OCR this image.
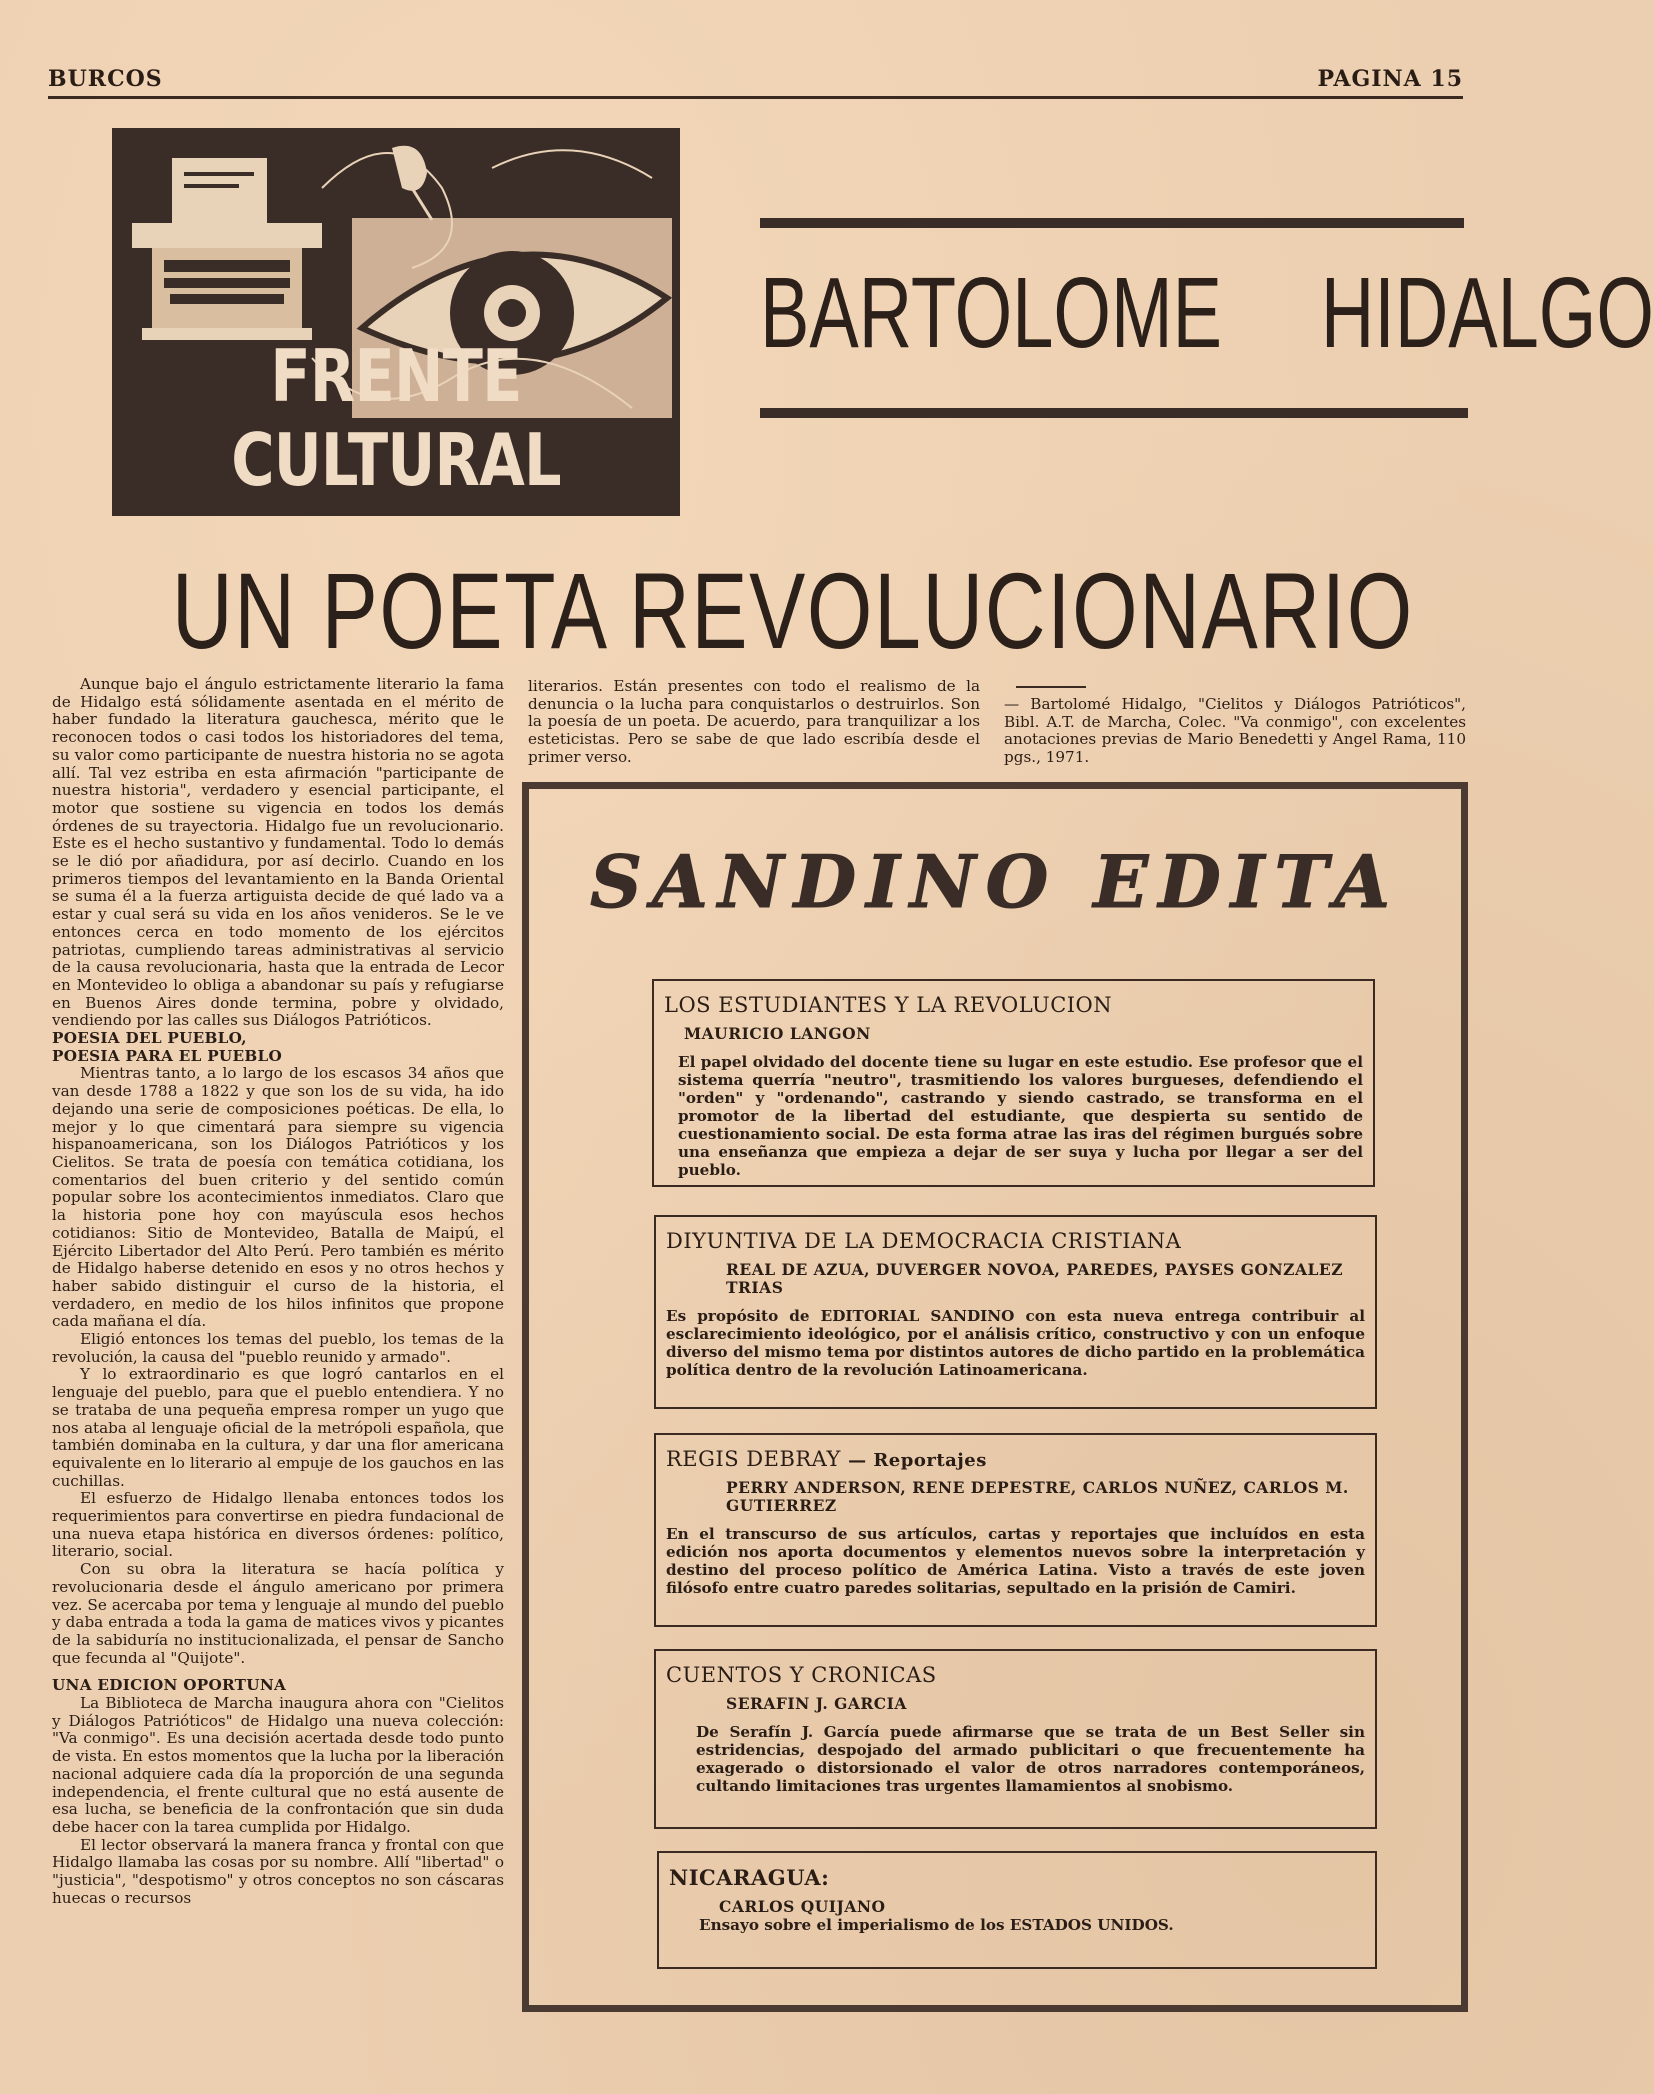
BURCOS	PAGINA 15
FRENTE CULTURAL
BARTOLOME HIDALGO
UN POETA REVOLUCIONARIO

Aunque bajo el ángulo estrictamente literario la fama de Hidalgo está sólidamente asentada en el mérito de haber fundado la literatura gauchesca, mérito que le reconocen todos o casi todos los historiadores del tema, su valor como participante de nuestra historia no se agota allí. Tal vez estriba en esta afirmación "participante de nuestra historia", verdadero y esencial participante, el motor que sostiene su vigencia en todos los demás órdenes de su trayectoria. Hidalgo fue un revolucionario. Este es el hecho sustantivo y fundamental. Todo lo demás se le dió por añadidura, por así decirlo. Cuando en los primeros tiempos del levantamiento en la Banda Oriental se suma él a la fuerza artiguista decide de qué lado va a estar y cual será su vida en los años venideros. Se le ve entonces cerca en todo momento de los ejércitos patriotas, cumpliendo tareas administrativas al servicio de la causa revolucionaria, hasta que la entrada de Lecor en Montevideo lo obliga a abandonar su país y refugiarse en Buenos Aires donde termina, pobre y olvidado, vendiendo por las calles sus Diálogos Patrióticos.

POESIA DEL PUEBLO,
POESIA PARA EL PUEBLO

Mientras tanto, a lo largo de los escasos 34 años que van desde 1788 a 1822 y que son los de su vida, ha ido dejando una serie de composiciones poéticas. De ella, lo mejor y lo que cimentará para siempre su vigencia hispanoamericana, son los Diálogos Patrióticos y los Cielitos. Se trata de poesía con temática cotidiana, los comentarios del buen criterio y del sentido común popular sobre los acontecimientos inmediatos. Claro que la historia pone hoy con mayúscula esos hechos cotidianos: Sitio de Montevideo, Batalla de Maipú, el Ejército Libertador del Alto Perú. Pero también es mérito de Hidalgo haberse detenido en esos y no otros hechos y haber sabido distinguir el curso de la historia, el verdadero, en medio de los hilos infinitos que propone cada mañana el día.

Eligió entonces los temas del pueblo, los temas de la revolución, la causa del "pueblo reunido y armado".

Y lo extraordinario es que logró cantarlos en el lenguaje del pueblo, para que el pueblo entendiera. Y no se trataba de una pequeña empresa romper un yugo que nos ataba al lenguaje oficial de la metrópoli española, que también dominaba en la cultura, y dar una flor americana equivalente en lo literario al empuje de los gauchos en las cuchillas.

El esfuerzo de Hidalgo llenaba entonces todos los requerimientos para convertirse en piedra fundacional de una nueva etapa histórica en diversos órdenes: político, literario, social.

Con su obra la literatura se hacía política y revolucionaria desde el ángulo americano por primera vez. Se acercaba por tema y lenguaje al mundo del pueblo y daba entrada a toda la gama de matices vivos y picantes de la sabiduría no institucionalizada, el pensar de Sancho que fecunda al "Quijote".

UNA EDICION OPORTUNA

La Biblioteca de Marcha inaugura ahora con "Cielitos y Diálogos Patrióticos" de Hidalgo una nueva colección: "Va conmigo". Es una decisión acertada desde todo punto de vista. En estos momentos que la lucha por la liberación nacional adquiere cada día la proporción de una segunda independencia, el frente cultural que no está ausente de esa lucha, se beneficia de la confrontación que sin duda debe hacer con la tarea cumplida por Hidalgo.

El lector observará la manera franca y frontal con que Hidalgo llamaba las cosas por su nombre. Allí "libertad" o "justicia", "despotismo" y otros conceptos no son cáscaras huecas o recursos

literarios. Están presentes con todo el realismo de la denuncia o la lucha para conquistarlos o destruirlos. Son la poesía de un poeta. De acuerdo, para tranquilizar a los esteticistas. Pero se sabe de que lado escribía desde el primer verso.

— Bartolomé Hidalgo, "Cielitos y Diálogos Patrióticos", Bibl. A.T. de Marcha, Colec. "Va conmigo", con excelentes anotaciones previas de Mario Benedetti y Angel Rama, 110 pgs., 1971.

SANDINO EDITA
LOS ESTUDIANTES Y LA REVOLUCION
MAURICIO LANGON
El papel olvidado del docente tiene su lugar en este estudio. Ese profesor que el sistema querría "neutro", trasmitiendo los valores burgueses, defendiendo el "orden" y "ordenando", castrando y siendo castrado, se transforma en el promotor de la libertad del estudiante, que despierta su sentido de cuestionamiento social. De esta forma atrae las iras del régimen burgués sobre una enseñanza que empieza a dejar de ser suya y lucha por llegar a ser del pueblo.
DIYUNTIVA DE LA DEMOCRACIA CRISTIANA
REAL DE AZUA, DUVERGER NOVOA, PAREDES, PAYSES GONZALEZ TRIAS
Es propósito de EDITORIAL SANDINO con esta nueva entrega contribuir al esclarecimiento ideológico, por el análisis crítico, constructivo y con un enfoque diverso del mismo tema por distintos autores de dicho partido en la problemática política dentro de la revolución Latinoamericana.
REGIS DEBRAY — Reportajes
PERRY ANDERSON, RENE DEPESTRE, CARLOS NUÑEZ, CARLOS M. GUTIERREZ
En el transcurso de sus artículos, cartas y reportajes que incluídos en esta edición nos aporta documentos y elementos nuevos sobre la interpretación y destino del proceso político de América Latina. Visto a través de este joven filósofo entre cuatro paredes solitarias, sepultado en la prisión de Camiri.
CUENTOS Y CRONICAS
SERAFIN J. GARCIA
De Serafín J. García puede afirmarse que se trata de un Best Seller sin estridencias, despojado del armado publicitari o que frecuentemente ha exagerado o distorsionado el valor de otros narradores contemporáneos, cultando limitaciones tras urgentes llamamientos al snobismo.
NICARAGUA:
CARLOS QUIJANO
Ensayo sobre el imperialismo de los ESTADOS UNIDOS.
